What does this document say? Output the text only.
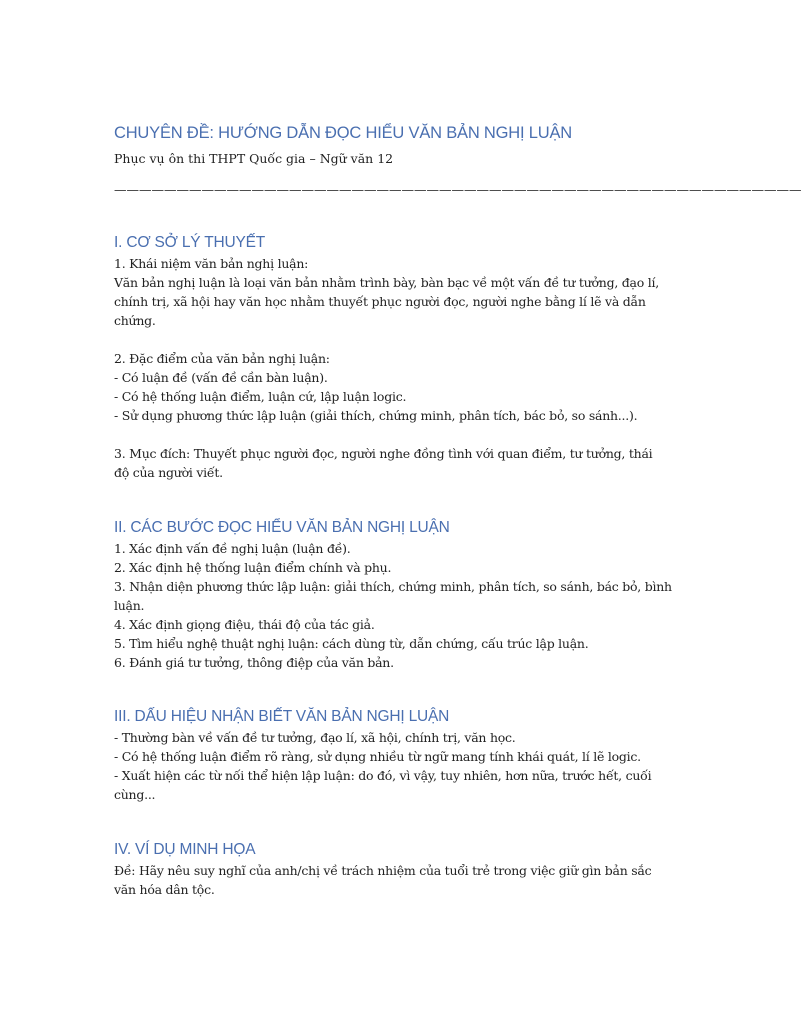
CHUYÊN ĐỀ: HƯỚNG DẪN ĐỌC HIỂU VĂN BẢN NGHỊ LUẬN
Phục vụ ôn thi THPT Quốc gia – Ngữ văn 12
———————————————————————————————————————————————————————
I. CƠ SỞ LÝ THUYẾT
1. Khái niệm văn bản nghị luận:
Văn bản nghị luận là loại văn bản nhằm trình bày, bàn bạc về một vấn đề tư tưởng, đạo lí,
chính trị, xã hội hay văn học nhằm thuyết phục người đọc, người nghe bằng lí lẽ và dẫn
chứng.
2. Đặc điểm của văn bản nghị luận:
- Có luận đề (vấn đề cần bàn luận).
- Có hệ thống luận điểm, luận cứ, lập luận logic.
- Sử dụng phương thức lập luận (giải thích, chứng minh, phân tích, bác bỏ, so sánh...).
3. Mục đích: Thuyết phục người đọc, người nghe đồng tình với quan điểm, tư tưởng, thái
độ của người viết.
II. CÁC BƯỚC ĐỌC HIỂU VĂN BẢN NGHỊ LUẬN
1. Xác định vấn đề nghị luận (luận đề).
2. Xác định hệ thống luận điểm chính và phụ.
3. Nhận diện phương thức lập luận: giải thích, chứng minh, phân tích, so sánh, bác bỏ, bình
luận.
4. Xác định giọng điệu, thái độ của tác giả.
5. Tìm hiểu nghệ thuật nghị luận: cách dùng từ, dẫn chứng, cấu trúc lập luận.
6. Đánh giá tư tưởng, thông điệp của văn bản.
III. DẤU HIỆU NHẬN BIẾT VĂN BẢN NGHỊ LUẬN
- Thường bàn về vấn đề tư tưởng, đạo lí, xã hội, chính trị, văn học.
- Có hệ thống luận điểm rõ ràng, sử dụng nhiều từ ngữ mang tính khái quát, lí lẽ logic.
- Xuất hiện các từ nối thể hiện lập luận: do đó, vì vậy, tuy nhiên, hơn nữa, trước hết, cuối
cùng...
IV. VÍ DỤ MINH HỌA
Đề: Hãy nêu suy nghĩ của anh/chị về trách nhiệm của tuổi trẻ trong việc giữ gìn bản sắc
văn hóa dân tộc.
